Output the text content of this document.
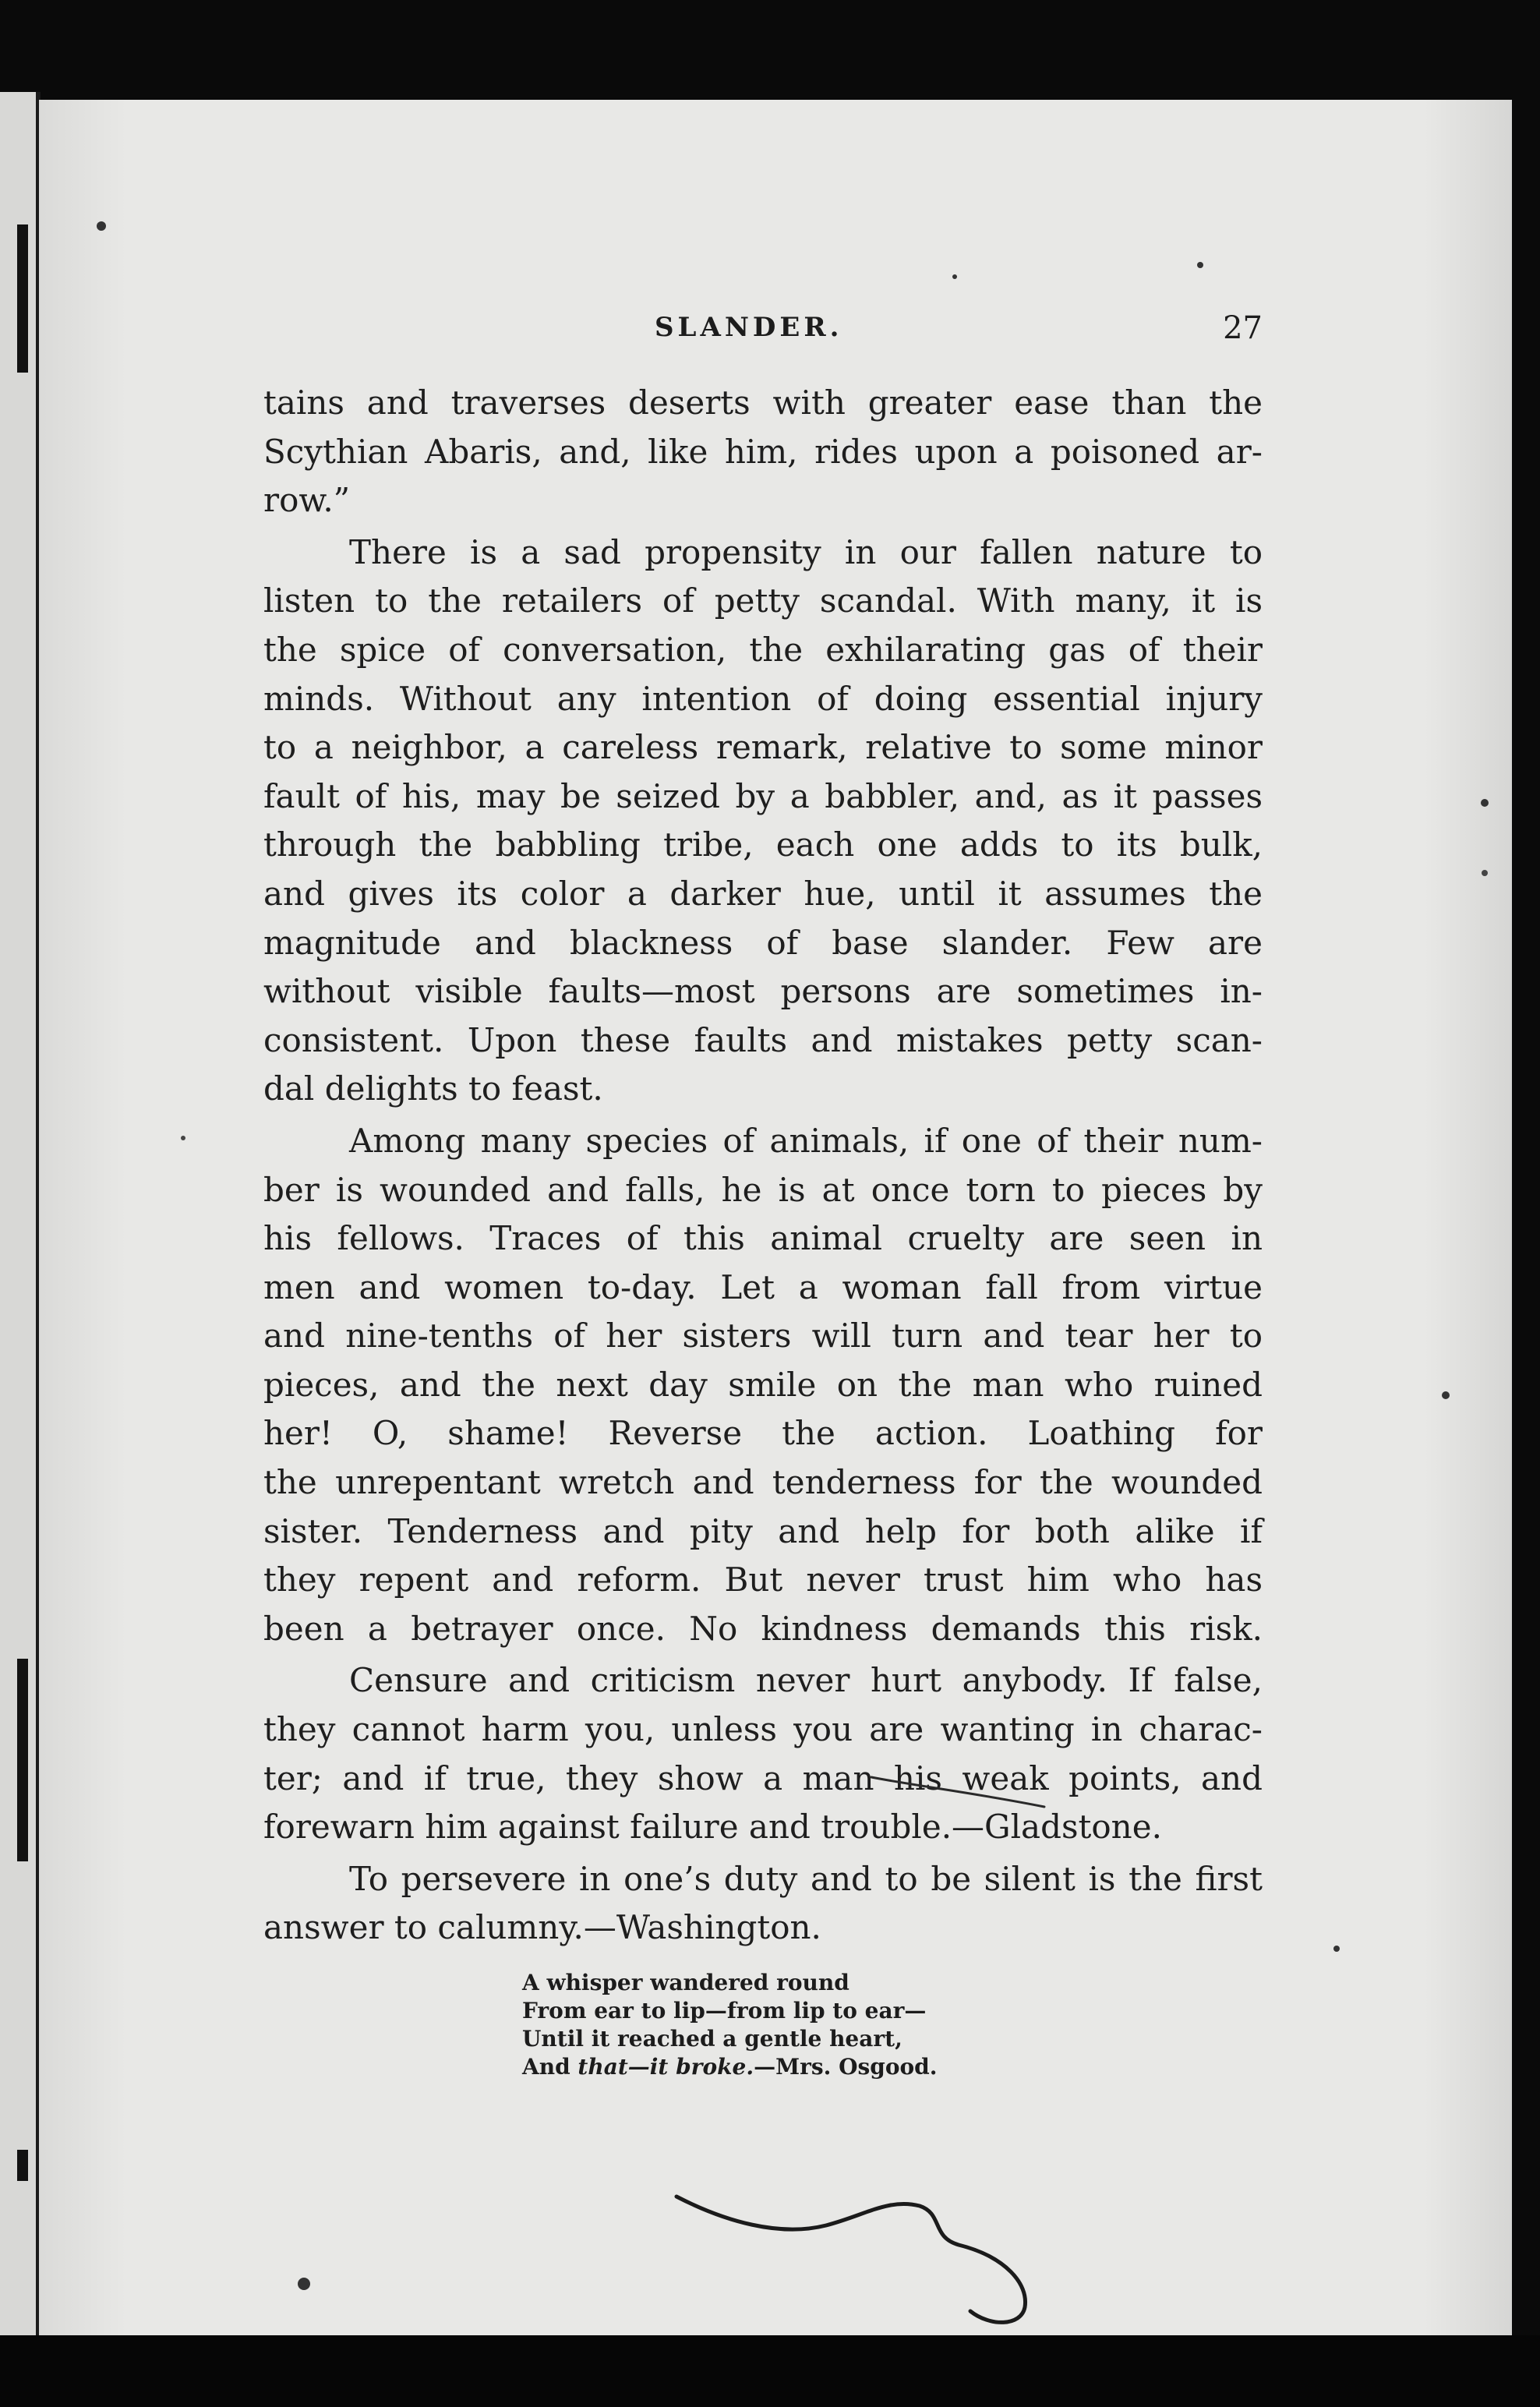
SLANDER.	27
tains and traverses deserts with greater ease than the
Scythian Abaris, and, like him, rides upon a poisoned ar-
row.”
There is a sad propensity in our fallen nature to
listen to the retailers of petty scandal. With many, it is
the spice of conversation, the exhilarating gas of their
minds. Without any intention of doing essential injury
to a neighbor, a careless remark, relative to some minor
fault of his, may be seized by a babbler, and, as it passes
through the babbling tribe, each one adds to its bulk,
and gives its color a darker hue, until it assumes the
magnitude and blackness of base slander. Few are
without visible faults—most persons are sometimes in-
consistent. Upon these faults and mistakes petty scan-
dal delights to feast.
Among many species of animals, if one of their num-
ber is wounded and falls, he is at once torn to pieces by
his fellows. Traces of this animal cruelty are seen in
men and women to-day. Let a woman fall from virtue
and nine-tenths of her sisters will turn and tear her to
pieces, and the next day smile on the man who ruined
her! O, shame! Reverse the action. Loathing for
the unrepentant wretch and tenderness for the wounded
sister. Tenderness and pity and help for both alike if
they repent and reform. But never trust him who has
been a betrayer once. No kindness demands this risk.
Censure and criticism never hurt anybody. If false,
they cannot harm you, unless you are wanting in charac-
ter; and if true, they show a man his weak points, and
forewarn him against failure and trouble.—Gladstone.
To persevere in one’s duty and to be silent is the first
answer to calumny.—Washington.
A whisper wandered round
From ear to lip—from lip to ear—
Until it reached a gentle heart,
And that—it broke.—Mrs. Osgood.
